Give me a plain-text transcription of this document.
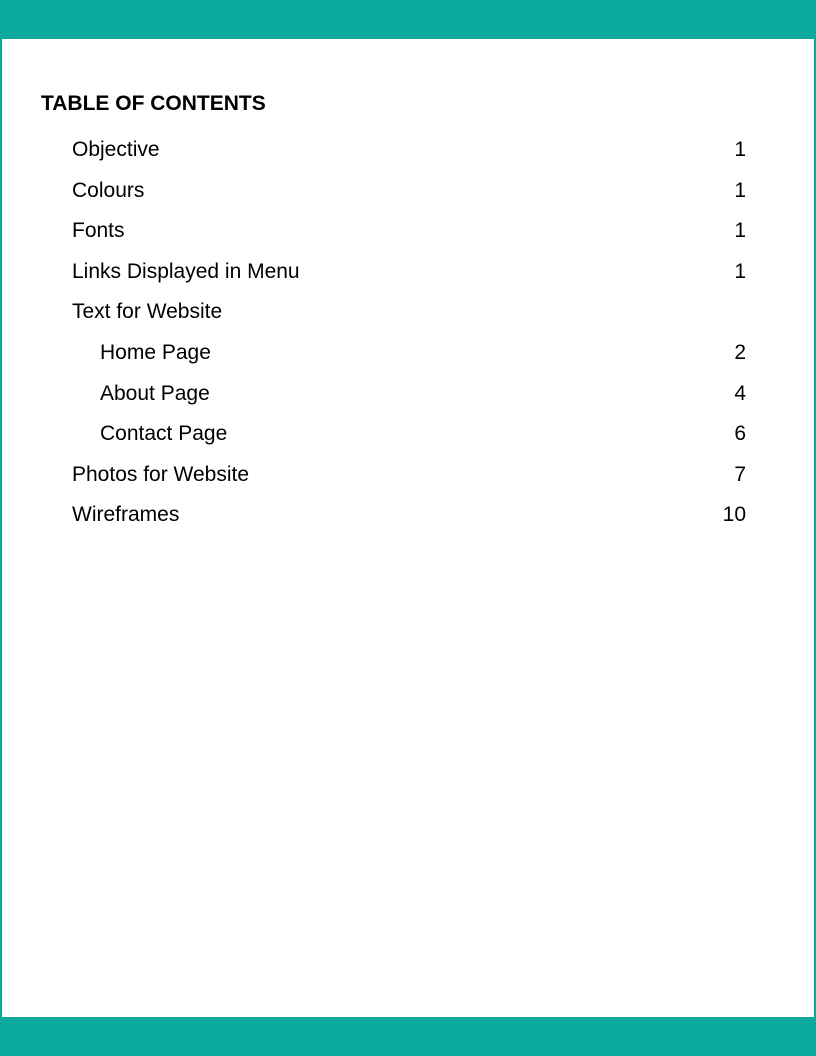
TABLE OF CONTENTS
Objective	1
Colours	1
Fonts	1
Links Displayed in Menu	1
Text for Website
Home Page	2
About Page	4
Contact Page	6
Photos for Website	7
Wireframes	10
